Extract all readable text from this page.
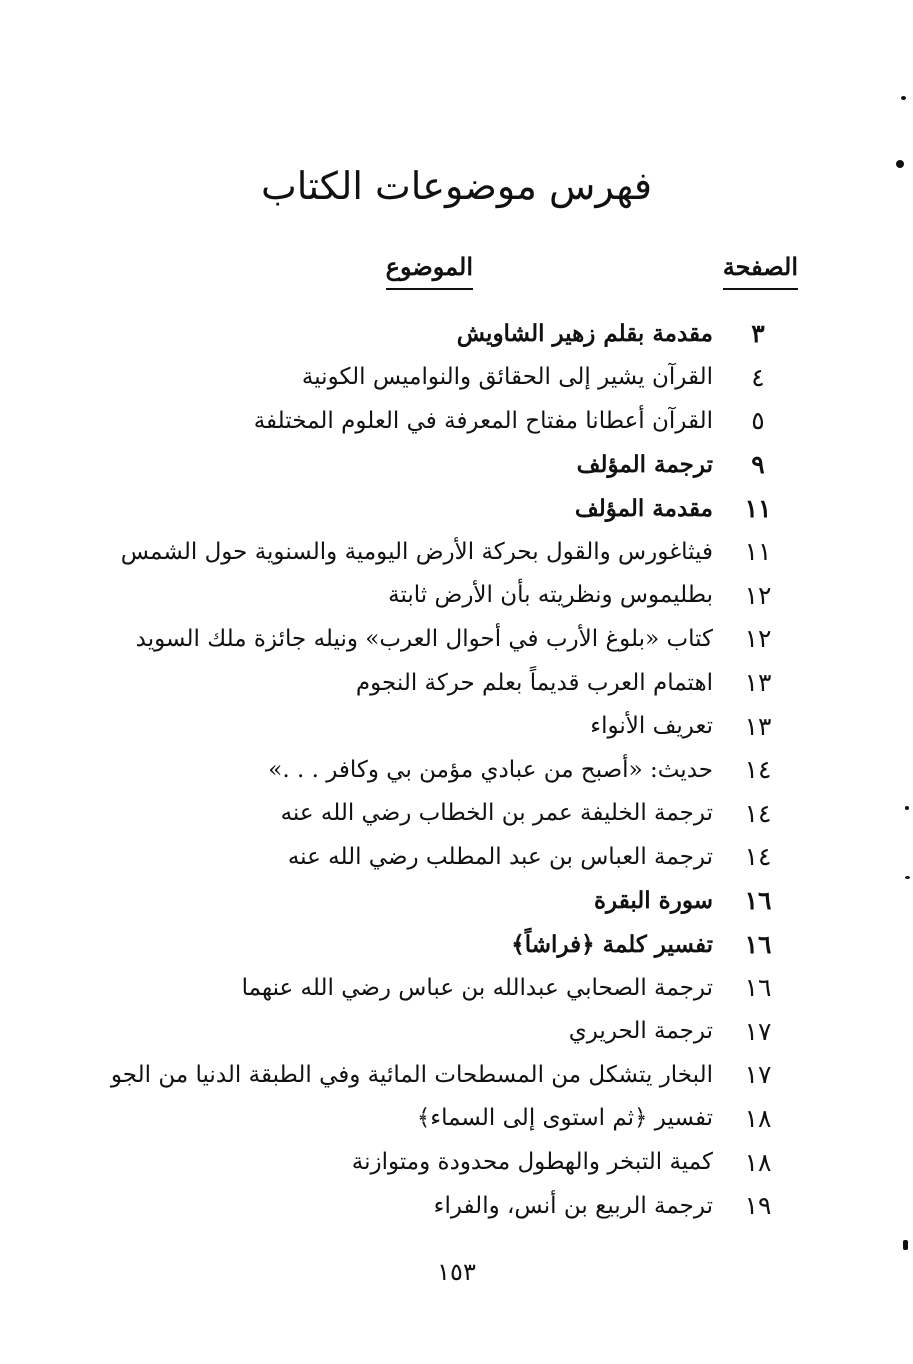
فهرس موضوعات الكتاب
الصفحة
الموضوع
٣
مقدمة بقلم زهير الشاويش
٤
القرآن يشير إلى الحقائق والنواميس الكونية
٥
القرآن أعطانا مفتاح المعرفة في العلوم المختلفة
٩
ترجمة المؤلف
١١
مقدمة المؤلف
١١
فيثاغورس والقول بحركة الأرض اليومية والسنوية حول الشمس
١٢
بطليموس ونظريته بأن الأرض ثابتة
١٢
كتاب «بلوغ الأرب في أحوال العرب» ونيله جائزة ملك السويد
١٣
اهتمام العرب قديماً بعلم حركة النجوم
١٣
تعريف الأنواء
١٤
حديث: «أصبح من عبادي مؤمن بي وكافر . . .»
١٤
ترجمة الخليفة عمر بن الخطاب رضي الله عنه
١٤
ترجمة العباس بن عبد المطلب رضي الله عنه
١٦
سورة البقرة
١٦
تفسير كلمة ﴿فراشاً﴾
١٦
ترجمة الصحابي عبدالله بن عباس رضي الله عنهما
١٧
ترجمة الحريري
١٧
البخار يتشكل من المسطحات المائية وفي الطبقة الدنيا من الجو
١٨
تفسير ﴿ثم استوى إلى السماء﴾
١٨
كمية التبخر والهطول محدودة ومتوازنة
١٩
ترجمة الربيع بن أنس، والفراء
١٥٣
